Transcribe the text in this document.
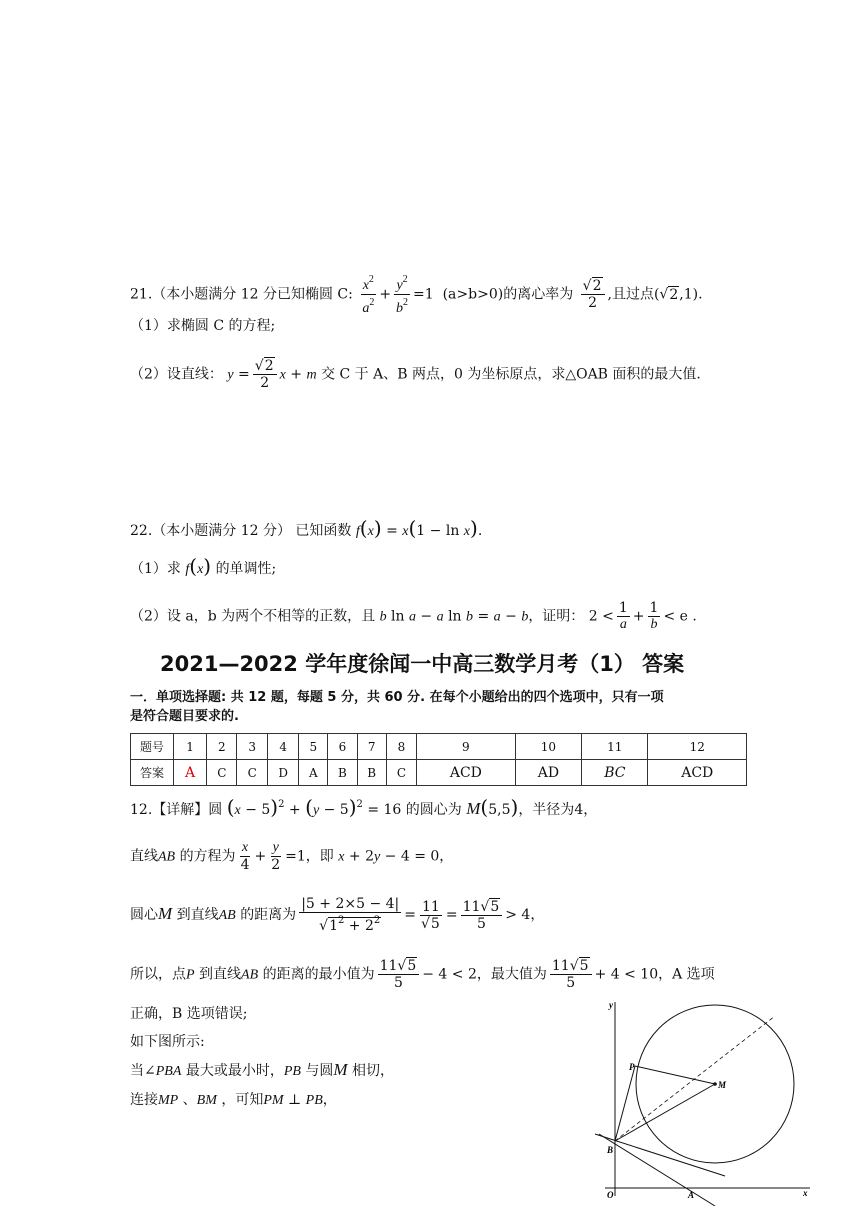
21.（本小题满分 12 分已知椭圆 C: $\frac{x^2}{a^2} + \frac{y^2}{b^2} =1$  (a>b>0)的离心率为 $\frac{√2}{2}$ ,且过点(√2,1).
（1）求椭圆 C 的方程;
（2）设直线： $y = \frac{√2}{2}$ x + m 交 C 于 A、B 两点，0 为坐标原点，求△OAB 面积的最大值.
22.（本小题满分 12 分） 已知函数 f(x) = x(1 − ln x).
（1）求 f(x) 的单调性;
（2）设 a，b 为两个不相等的正数，且 b ln a − a ln b = a − b，证明： $2 < \frac{1}{a} + \frac{1}{b} < e$ .
2021—2022 学年度徐闻一中高三数学月考（1） 答案
一．单项选择题: 共 12 题，每题 5 分，共 60 分. 在每个小题给出的四个选项中，只有一项
是符合题目要求的.
题号	1	2	3	4	5	6	7	8	9	10	11	12
答案	A	C	C	D	A	B	B	C	ACD	AD	BC	ACD
12.【详解】圆 $(x - 5)^2 + (y - 5)^2 = 16$ 的圆心为 M(5,5)，半径为4，
直线AB 的方程为 $\frac{x}{4} + \frac{y}{2} =1$，即 x + 2y − 4 = 0，
圆心M 到直线AB 的距离为 $\frac{|5 + 2\times 5 - 4|}{√1^2 + 2^2} = \frac{11}{√5} = \frac{11√5}{5} > 4$，
所以，点P 到直线AB 的距离的最小值为 $\frac{11√5}{5} - 4 < 2$，最大值为 $\frac{11√5}{5} + 4 < 10$，A 选项
正确，B 选项错误;
如下图所示:
当∠PBA 最大或最小时，PB 与圆M 相切，
连接MP 、BM ，可知PM ⊥ PB，
y
x
O	A
B
P
M
